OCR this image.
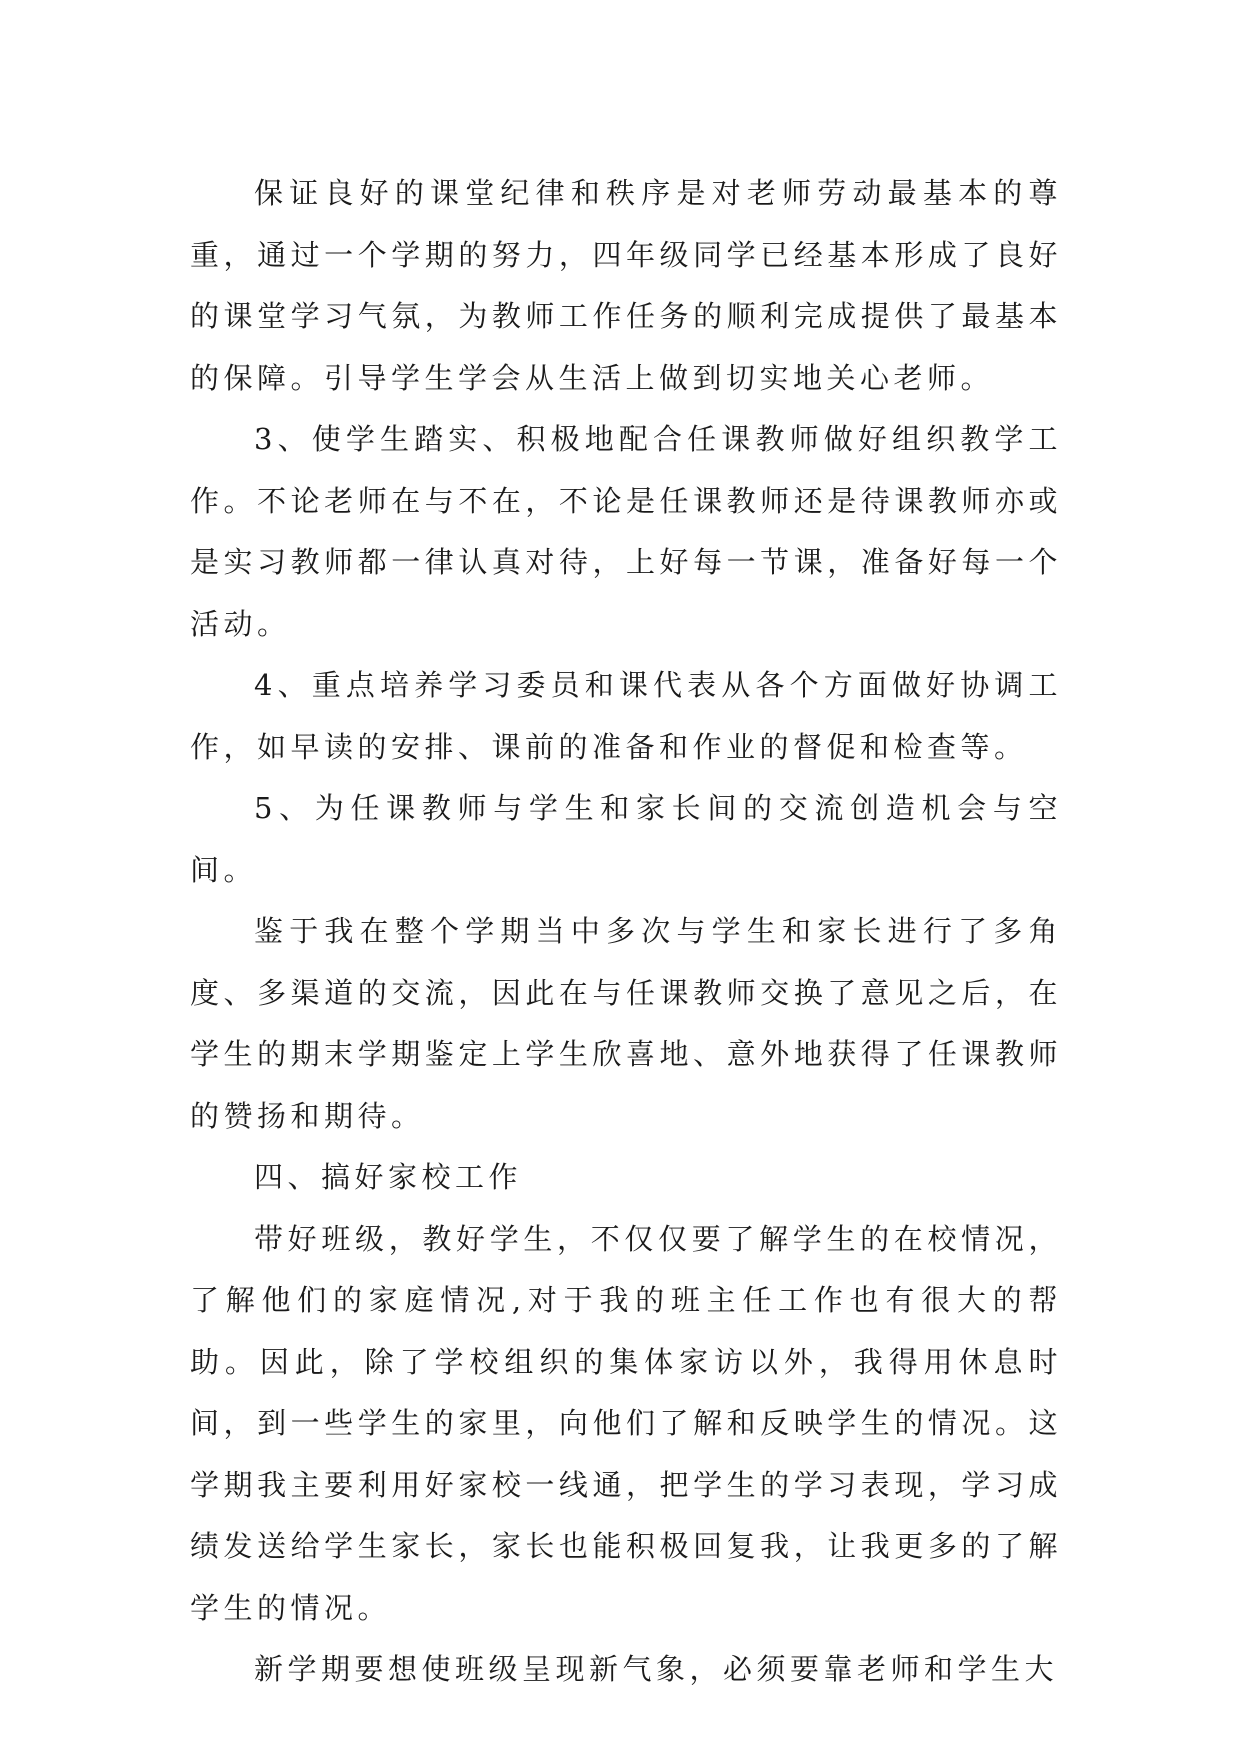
保证良好的课堂纪律和秩序是对老师劳动最基本的尊重，通过一个学期的努力，四年级同学已经基本形成了良好的课堂学习气氛，为教师工作任务的顺利完成提供了最基本的保障。引导学生学会从生活上做到切实地关心老师。

3、使学生踏实、积极地配合任课教师做好组织教学工作。不论老师在与不在，不论是任课教师还是待课教师亦或是实习教师都一律认真对待，上好每一节课，准备好每一个活动。

4、重点培养学习委员和课代表从各个方面做好协调工作，如早读的安排、课前的准备和作业的督促和检查等。

5、为任课教师与学生和家长间的交流创造机会与空间。

鉴于我在整个学期当中多次与学生和家长进行了多角度、多渠道的交流，因此在与任课教师交换了意见之后，在学生的期末学期鉴定上学生欣喜地、意外地获得了任课教师的赞扬和期待。

四、搞好家校工作

带好班级，教好学生，不仅仅要了解学生的在校情况，了解他们的家庭情况,对于我的班主任工作也有很大的帮助。因此，除了学校组织的集体家访以外，我得用休息时间，到一些学生的家里，向他们了解和反映学生的情况。这学期我主要利用好家校一线通，把学生的学习表现，学习成绩发送给学生家长，家长也能积极回复我，让我更多的了解学生的情况。

新学期要想使班级呈现新气象，必须要靠老师和学生大
